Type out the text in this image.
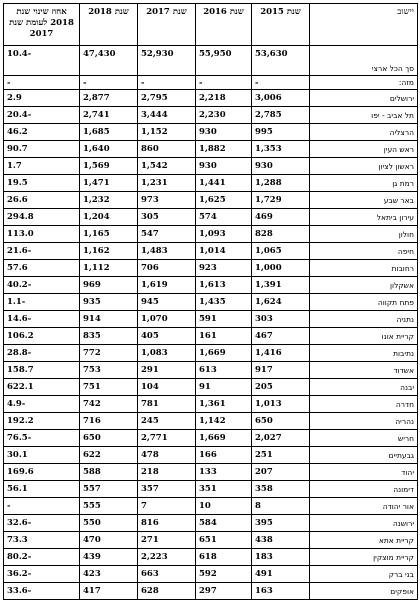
יישוב	שנת 2015	שנת 2016	שנת 2017	שנת 2018	אחוז שינוי שנת 2018 לעומת שנת 2017
סך הכל ארצי	53,630	55,950	52,930	47,430	10.4-
מזה:	-	-	-	-	-
ירושלים	3,006	2,218	2,795	2,877	2.9
תל אביב - יפו	2,785	2,230	3,444	2,741	20.4-
הרצליה	995	930	1,152	1,685	46.2
ראש העין	1,353	1,882	860	1,640	90.7
ראשון לציון	930	930	1,542	1,569	1.7
רמת גן	1,288	1,441	1,231	1,471	19.5
באר שבע	1,729	1,625	973	1,232	26.6
עירון ביתאל	469	574	305	1,204	294.8
חולון	828	1,093	547	1,165	113.0
חיפה	1,065	1,014	1,483	1,162	21.6-
רחובות	1,000	923	706	1,112	57.6
אשקלון	1,391	1,613	1,619	969	40.2-
פתח תקווה	1,624	1,435	945	935	1.1-
נתניה	303	591	1,070	914	14.6-
קריית אונו	467	161	405	835	106.2
נתיבות	1,416	1,669	1,083	772	28.8-
אשדוד	917	613	291	753	158.7
יבנה	205	91	104	751	622.1
חדרה	1,013	1,361	781	742	4.9-
נהריה	650	1,142	245	716	192.2
חריש	2,027	1,669	2,771	650	76.5-
גבעתיים	251	166	478	622	30.1
יהוד	207	133	218	588	169.6
דימונה	358	351	357	557	56.1
אור יהודה	8	10	7	555	-
ירושנה	395	584	816	550	32.6-
קריית אתא	438	651	271	470	73.3
קריית מוצקין	183	618	2,223	439	80.2-
בני ברק	491	592	663	423	36.2-
אופקים	163	297	628	417	33.6-
